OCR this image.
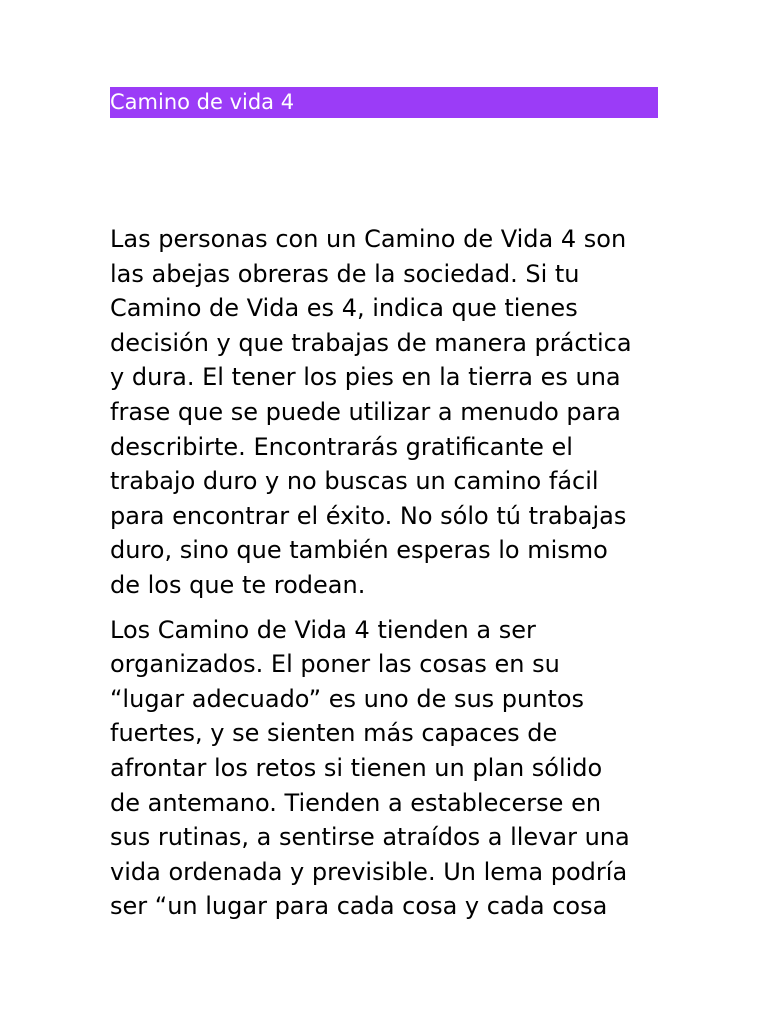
Camino de vida 4

Las personas con un Camino de Vida 4 son
las abejas obreras de la sociedad. Si tu
Camino de Vida es 4, indica que tienes
decisión y que trabajas de manera práctica
y dura. El tener los pies en la tierra es una
frase que se puede utilizar a menudo para
describirte. Encontrarás gratificante el
trabajo duro y no buscas un camino fácil
para encontrar el éxito. No sólo tú trabajas
duro, sino que también esperas lo mismo
de los que te rodean.

Los Camino de Vida 4 tienden a ser
organizados. El poner las cosas en su
“lugar adecuado” es uno de sus puntos
fuertes, y se sienten más capaces de
afrontar los retos si tienen un plan sólido
de antemano. Tienden a establecerse en
sus rutinas, a sentirse atraídos a llevar una
vida ordenada y previsible. Un lema podría
ser “un lugar para cada cosa y cada cosa
